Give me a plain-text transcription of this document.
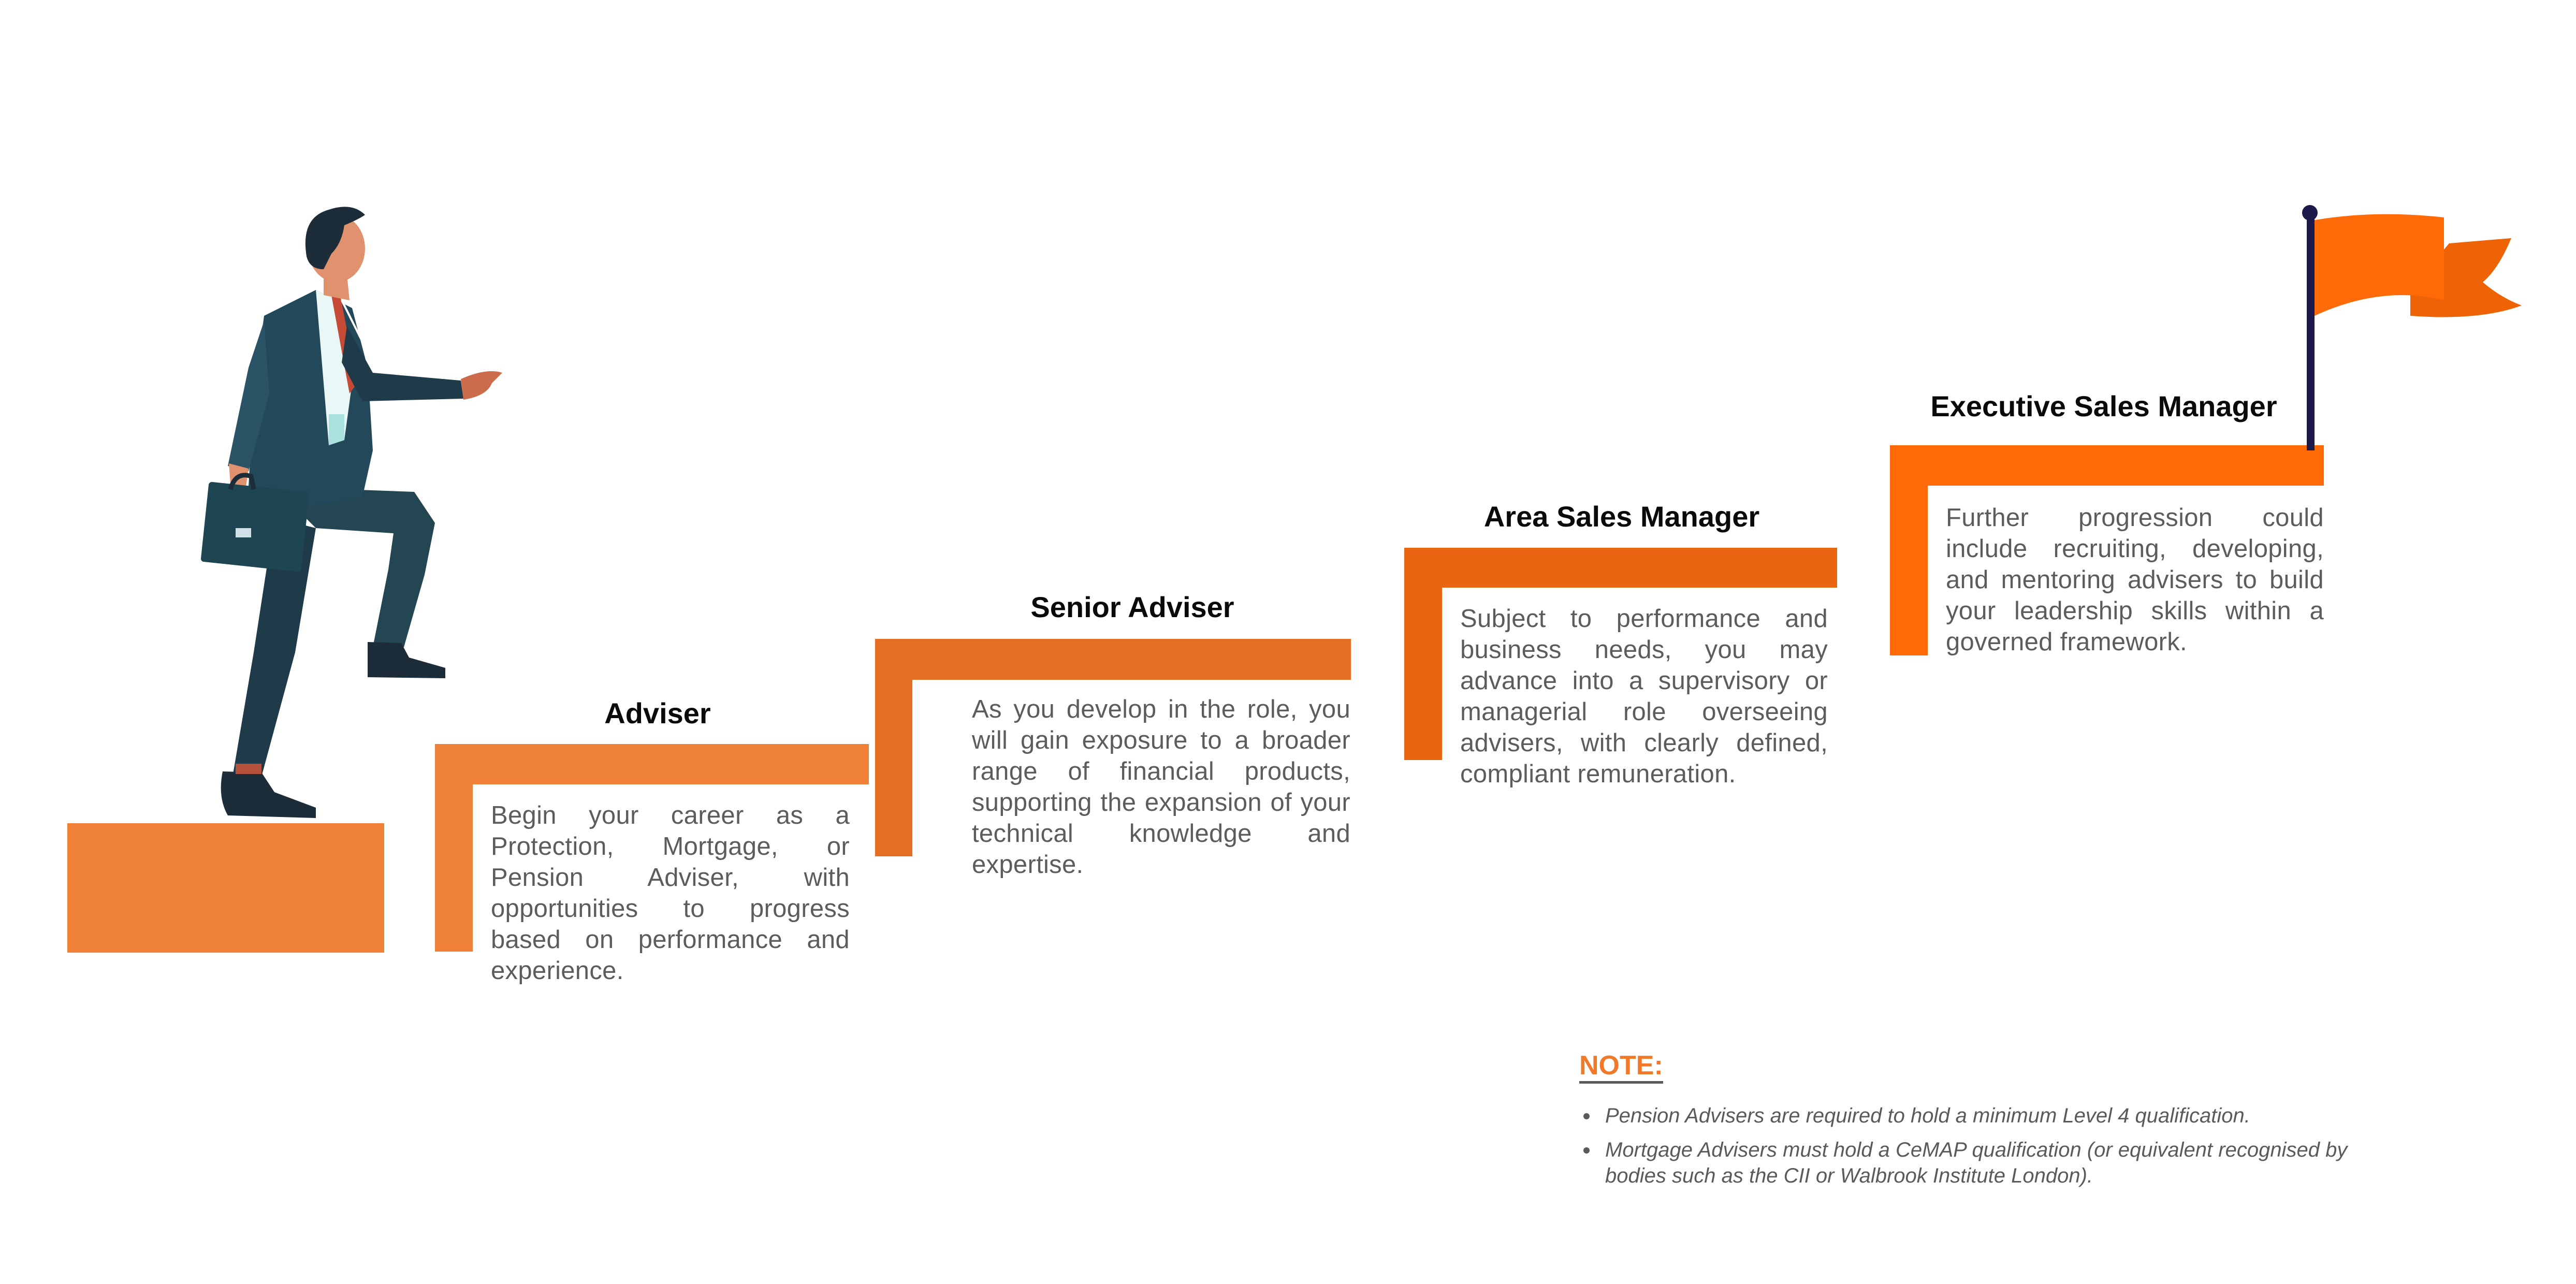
Adviser
Begin your career as a Protection, Mortgage, or Pension Adviser, with opportunities to progress based on performance and experience.
Senior Adviser
As you develop in the role, you will gain exposure to a broader range of financial products, supporting the expansion of your technical knowledge and expertise.
Area Sales Manager
Subject to performance and business needs, you may advance into a supervisory or managerial role overseeing advisers, with clearly defined, compliant remuneration.
Executive Sales Manager
Further progression could include recruiting, developing, and mentoring advisers to build your leadership skills within a governed framework.
NOTE:
Pension Advisers are required to hold a minimum Level 4 qualification.
Mortgage Advisers must hold a CeMAP qualification (or equivalent recognised by bodies such as the CII or Walbrook Institute London).
